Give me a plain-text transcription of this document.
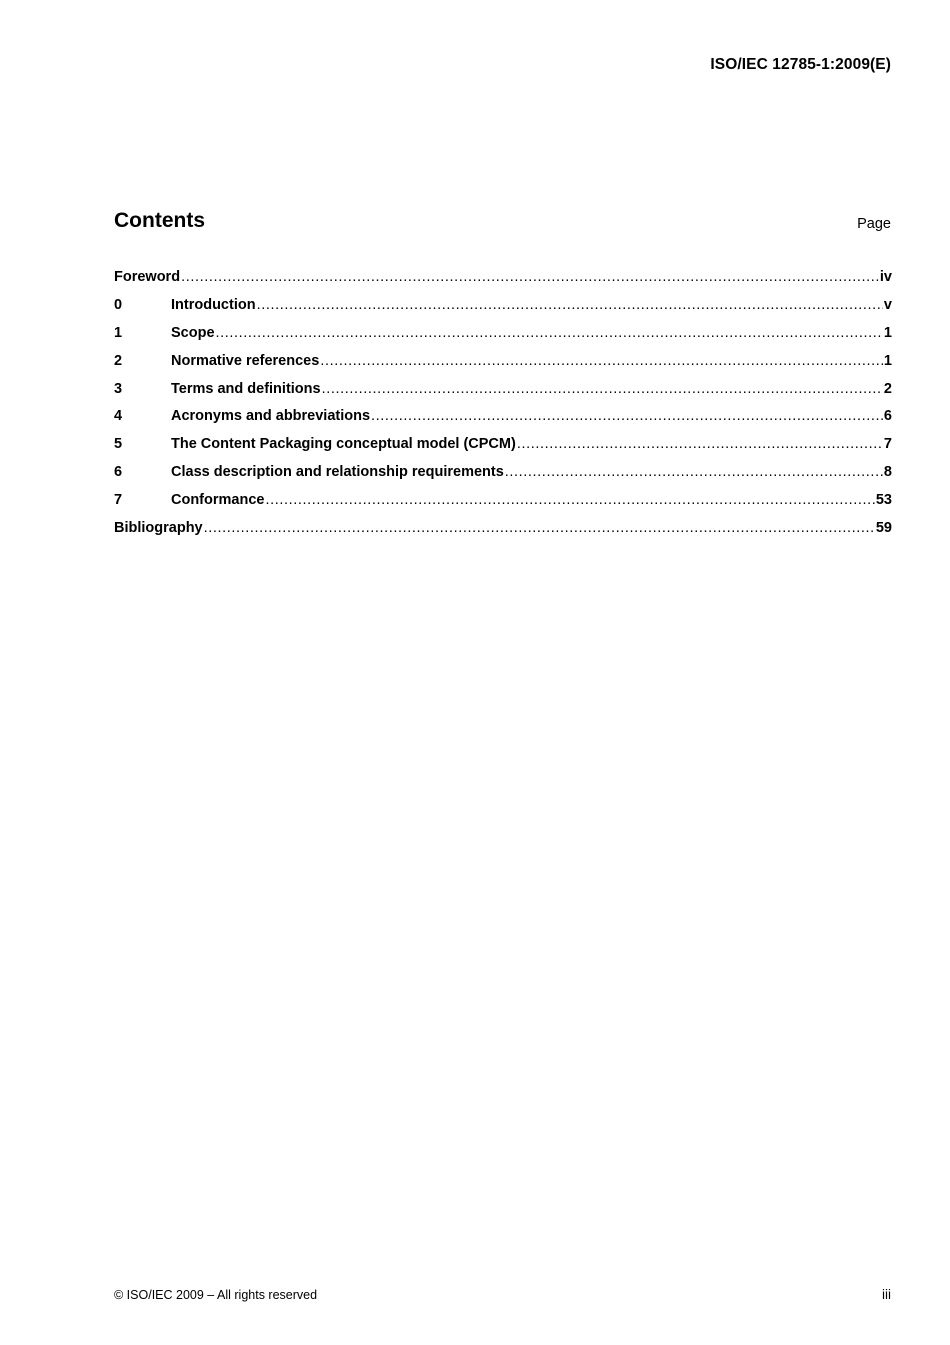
ISO/IEC 12785-1:2009(E)
Contents	Page
Foreword .....	iv
0	Introduction .....	v
1	Scope .....	1
2	Normative references .....	1
3	Terms and definitions .....	2
4	Acronyms and abbreviations .....	6
5	The Content Packaging conceptual model (CPCM) .....	7
6	Class description and relationship requirements .....	8
7	Conformance .....	53
Bibliography .....	59
© ISO/IEC 2009 – All rights reserved	iii
